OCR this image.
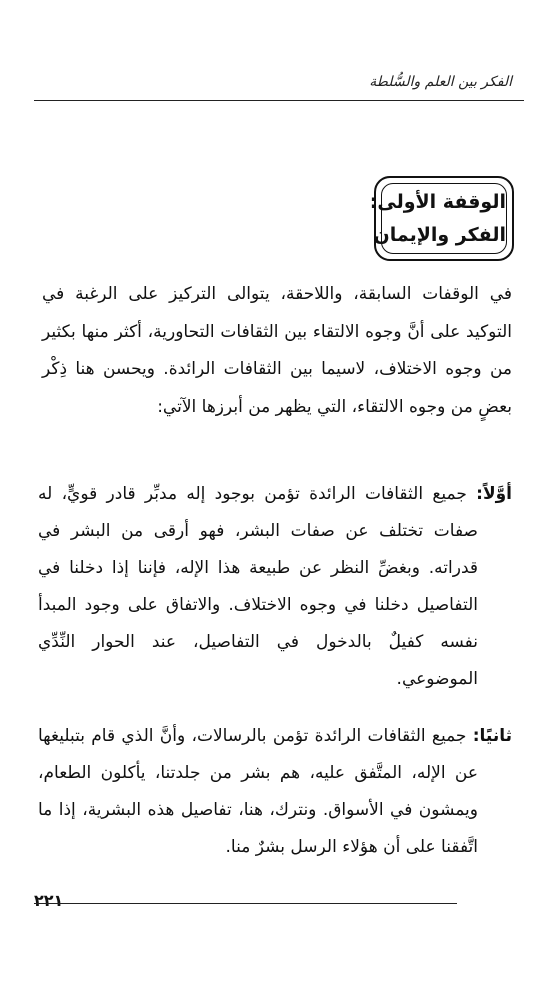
الفكر بين العلم والسُّلطة
الوقفة الأولى:
الفكر والإيمان
في الوقفات السابقة، واللاحقة، يتوالى التركيز على الرغبة في التوكيد على أنَّ وجوه الالتقاء بين الثقافات التحاورية، أكثر منها بكثير من وجوه الاختلاف، لاسيما بين الثقافات الرائدة. ويحسن هنا ذِكْر بعضٍ من وجوه الالتقاء، التي يظهر من أبرزها الآتي:
أوَّلاً: جميع الثقافات الرائدة تؤمن بوجود إله مدبِّر قادر قويٍّ، له صفات تختلف عن صفات البشر، فهو أرقى من البشر في قدراته. وبغضِّ النظر عن طبيعة هذا الإله، فإننا إذا دخلنا في التفاصيل دخلنا في وجوه الاختلاف. والاتفاق على وجود المبدأ نفسه كفيلٌ بالدخول في التفاصيل، عند الحوار النِّدِّي الموضوعي.
ثانيًا: جميع الثقافات الرائدة تؤمن بالرسالات، وأنَّ الذي قام بتبليغها عن الإله، المتَّفق عليه، هم بشر من جلدتنا، يأكلون الطعام، ويمشون في الأسواق. ونترك، هنا، تفاصيل هذه البشرية، إذا ما اتَّفقنا على أن هؤلاء الرسل بشرٌ منا.
٢٢١
